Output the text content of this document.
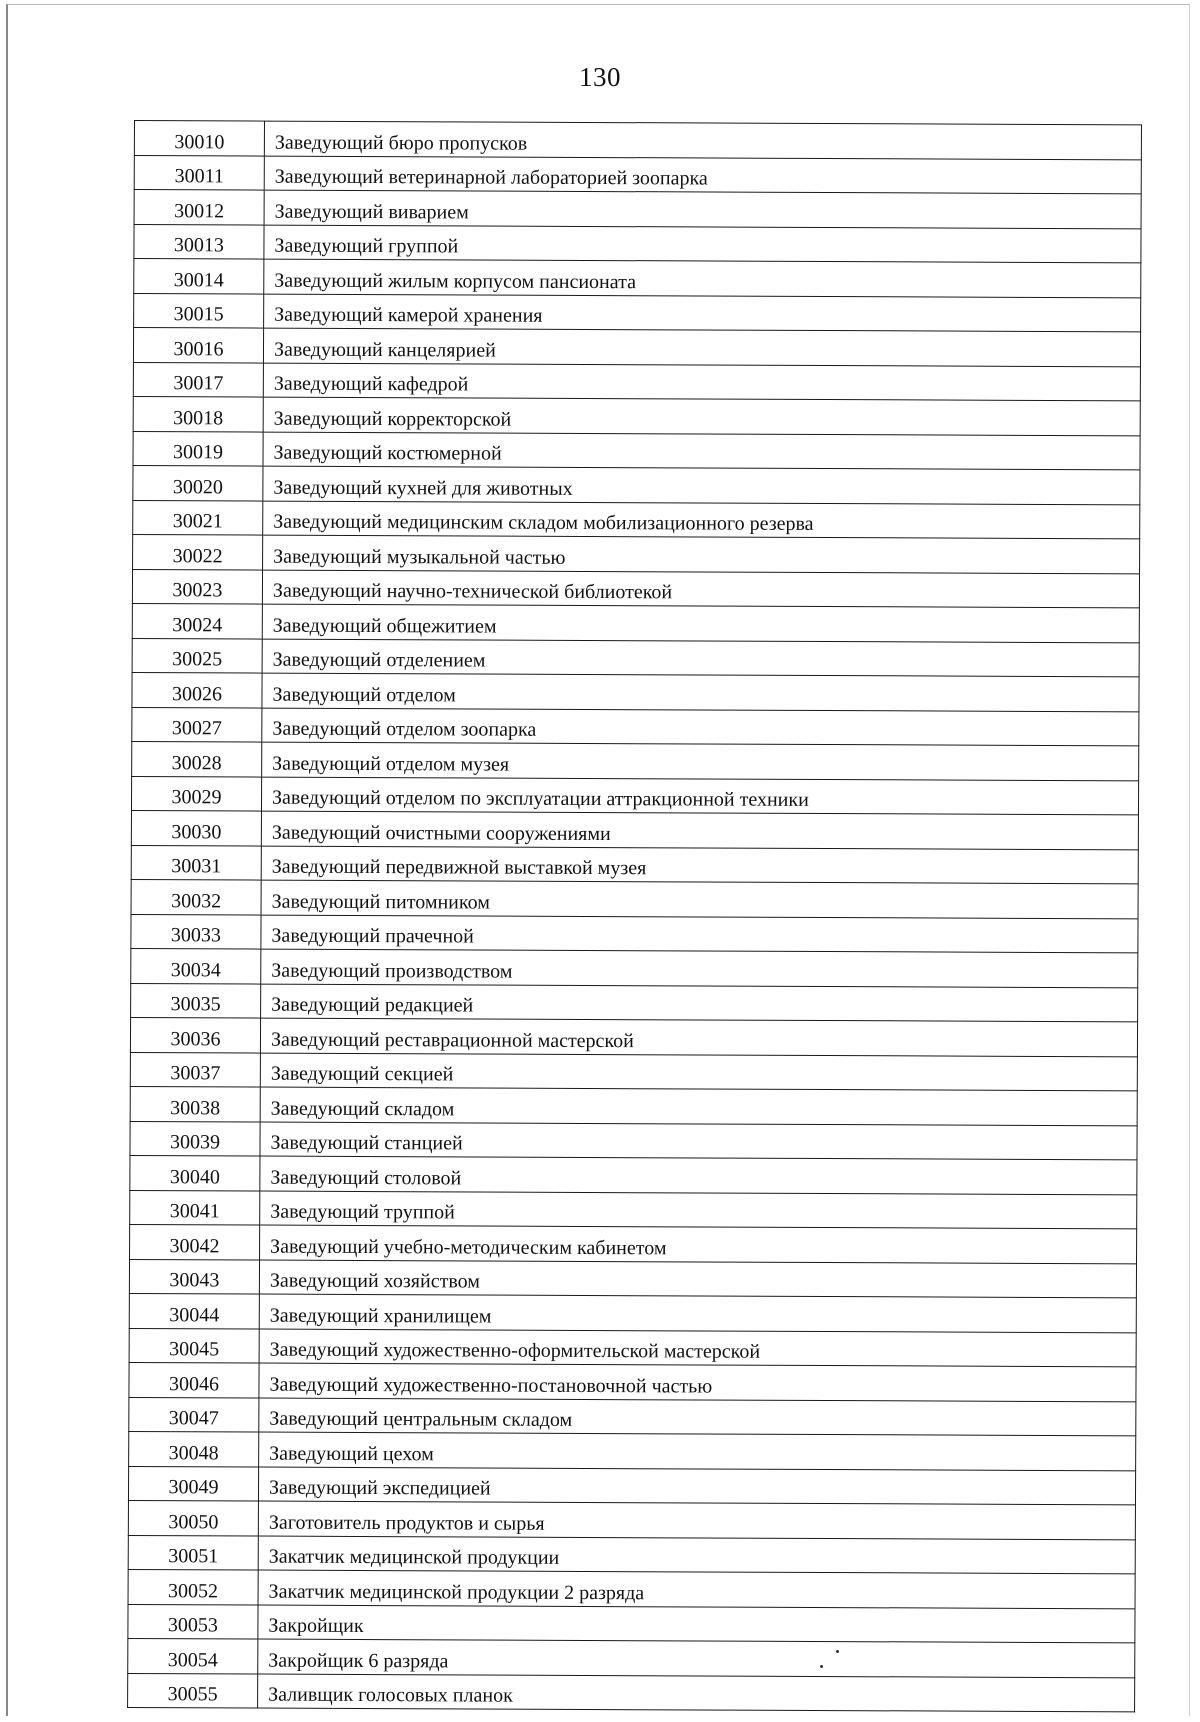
130
30010	Заведующий бюро пропусков
30011	Заведующий ветеринарной лабораторией зоопарка
30012	Заведующий виварием
30013	Заведующий группой
30014	Заведующий жилым корпусом пансионата
30015	Заведующий камерой хранения
30016	Заведующий канцелярией
30017	Заведующий кафедрой
30018	Заведующий корректорской
30019	Заведующий костюмерной
30020	Заведующий кухней для животных
30021	Заведующий медицинским складом мобилизационного резерва
30022	Заведующий музыкальной частью
30023	Заведующий научно-технической библиотекой
30024	Заведующий общежитием
30025	Заведующий отделением
30026	Заведующий отделом
30027	Заведующий отделом зоопарка
30028	Заведующий отделом музея
30029	Заведующий отделом по эксплуатации аттракционной техники
30030	Заведующий очистными сооружениями
30031	Заведующий передвижной выставкой музея
30032	Заведующий питомником
30033	Заведующий прачечной
30034	Заведующий производством
30035	Заведующий редакцией
30036	Заведующий реставрационной мастерской
30037	Заведующий секцией
30038	Заведующий складом
30039	Заведующий станцией
30040	Заведующий столовой
30041	Заведующий труппой
30042	Заведующий учебно-методическим кабинетом
30043	Заведующий хозяйством
30044	Заведующий хранилищем
30045	Заведующий художественно-оформительской мастерской
30046	Заведующий художественно-постановочной частью
30047	Заведующий центральным складом
30048	Заведующий цехом
30049	Заведующий экспедицией
30050	Заготовитель продуктов и сырья
30051	Закатчик медицинской продукции
30052	Закатчик медицинской продукции 2 разряда
30053	Закройщик
30054	Закройщик 6 разряда
30055	Заливщик голосовых планок
